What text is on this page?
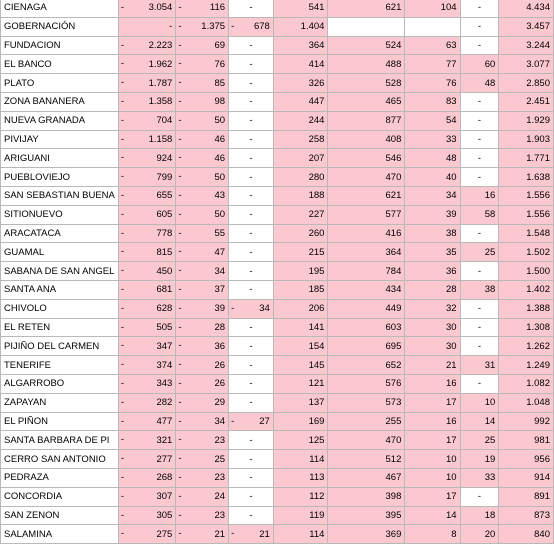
CIENAGA	- 3.054	- 116	-	541	621	104	-	4.434
GOBERNACIÓN	-	- 1.375	- 678	1.404			-	3.457
FUNDACION	- 2.223	- 69	-	364	524	63	-	3.244
EL BANCO	- 1.962	- 76	-	414	488	77	60	3.077
PLATO	- 1.787	- 85	-	326	528	76	48	2.850
ZONA BANANERA	- 1.358	- 98	-	447	465	83	-	2.451
NUEVA GRANADA	- 704	- 50	-	244	877	54	-	1.929
PIVIJAY	- 1.158	- 46	-	258	408	33	-	1.903
ARIGUANI	- 924	- 46	-	207	546	48	-	1.771
PUEBLOVIEJO	- 799	- 50	-	280	470	40	-	1.638
SAN SEBASTIAN BUENA	- 655	- 43	-	188	621	34	16	1.556
SITIONUEVO	- 605	- 50	-	227	577	39	58	1.556
ARACATACA	- 778	- 55	-	260	416	38	-	1.548
GUAMAL	- 815	- 47	-	215	364	35	25	1.502
SABANA DE SAN ANGEL	- 450	- 34	-	195	784	36	-	1.500
SANTA ANA	- 681	- 37	-	185	434	28	38	1.402
CHIVOLO	- 628	- 39	- 34	206	449	32	-	1.388
EL RETEN	- 505	- 28	-	141	603	30	-	1.308
PIJIÑO DEL CARMEN	- 347	- 36	-	154	695	30	-	1.262
TENERIFE	- 374	- 26	-	145	652	21	31	1.249
ALGARROBO	- 343	- 26	-	121	576	16	-	1.082
ZAPAYAN	- 282	- 29	-	137	573	17	10	1.048
EL PIÑON	- 477	- 34	- 27	169	255	16	14	992
SANTA BARBARA DE PI	- 321	- 23	-	125	470	17	25	981
CERRO SAN ANTONIO	- 277	- 25	-	114	512	10	19	956
PEDRAZA	- 268	- 23	-	113	467	10	33	914
CONCORDIA	- 307	- 24	-	112	398	17	-	891
SAN ZENON	- 305	- 23	-	119	395	14	18	873
SALAMINA	- 275	- 21	- 21	114	369	8	20	840
